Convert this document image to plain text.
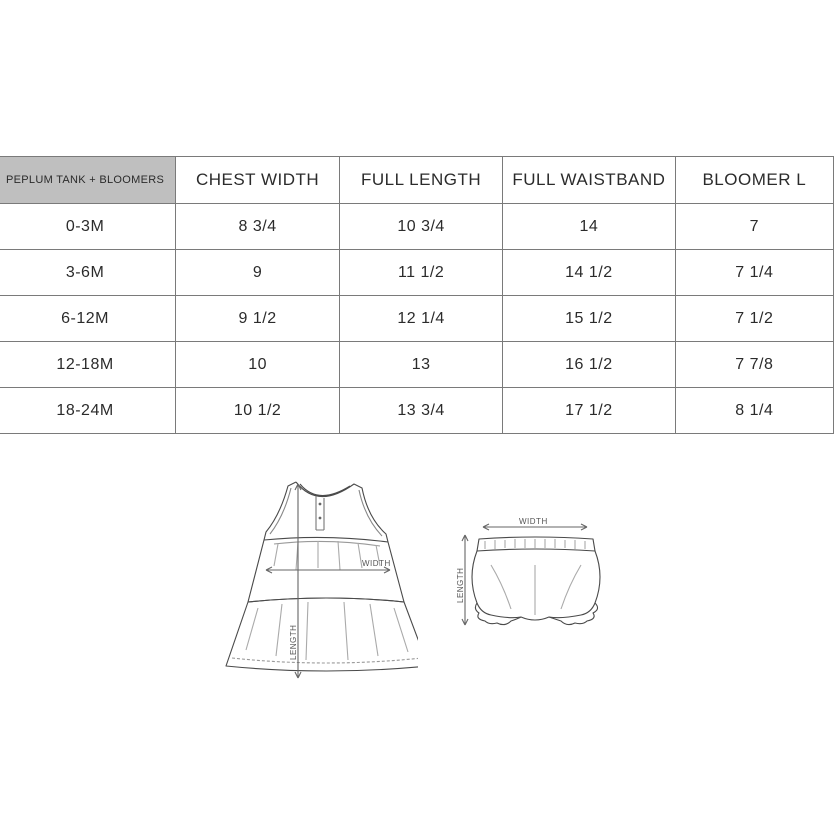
PEPLUM TANK + BLOOMERS	CHEST WIDTH	FULL LENGTH	FULL WAISTBAND	BLOOMER L
0-3M	8 3/4	10 3/4	14	7
3-6M	9	11 1/2	14 1/2	7 1/4
6-12M	9 1/2	12 1/4	15 1/2	7 1/2
12-18M	10	13	16 1/2	7 7/8
18-24M	10 1/2	13 3/4	17 1/2	8 1/4
WIDTH
LENGTH
WIDTH
LENGTH
